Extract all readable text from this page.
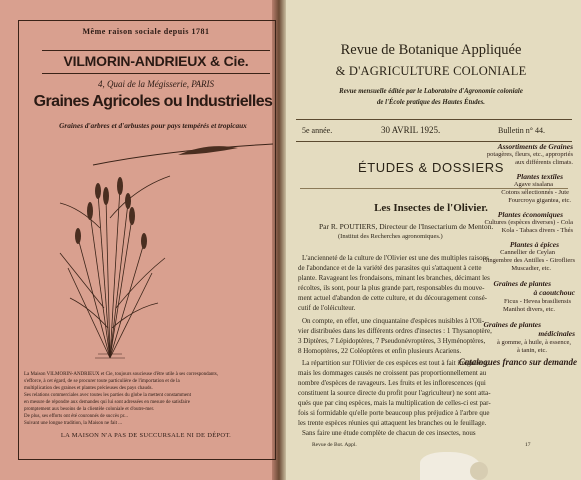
Même raison sociale depuis 1781
VILMORIN-ANDRIEUX & Cie.
4, Quai de la Mégisserie, PARIS
Graines Agricoles ou Industrielles
Graines d'arbres et d'arbustes pour pays tempérés et tropicaux
Assortiments de Graines
potagères, fleurs, etc., appropriés
aux différents climats.
Plantes textiles
Agave sisalana
Cotons sélectionnés - Jute
Fourcroya gigantea, etc.
Plantes économiques
Cultures (espèces diverses) - Cola
Kola - Tabacs divers - Thés
Plantes à épices
Cannellier de Ceylan
Gingembre des Antilles - Girofliers
Muscadier, etc.
Graines de plantes
à caoutchouc
Ficus - Hevea brasiliensis
Manihot divers, etc.
Graines de plantes
médicinales
à gomme, à huile, à essence,
à tanin, etc.
Catalogues franco sur demande
La Maison VILMORIN-ANDRIEUX et Cie, toujours soucieuse d'être utile à ses correspondants,
s'efforce, à cet égard, de se procurer toute particulière de l'importation et de la
multiplication des graines et plantes précieuses des pays chauds.
Ses relations commerciales avec toutes les parties du globe la mettent constamment
en mesure de répondre aux demandes qui lui sont adressées en mesure de satisfaire
promptement aux besoins de la clientèle coloniale et d'outre-mer.
De plus, ses efforts ont été couronnés de succès pr...
Suivant une longue tradition, la Maison ne fait ...
LA MAISON N'A PAS DE SUCCURSALE NI DE DÉPOT.
Revue de Botanique Appliquée
& D'AGRICULTURE COLONIALE
Revue mensuelle éditée par le Laboratoire d'Agronomie coloniale
de l'École pratique des Hautes Études.
5e année.	30 AVRIL 1925.	Bulletin n° 44.
ÉTUDES & DOSSIERS
Les Insectes de l'Olivier.
Par R. POUTIERS, Directeur de l'Insectarium de Menton.
(Institut des Recherches agronomiques.)
L'ancienneté de la culture de l'Olivier est une des multiples raisons
de l'abondance et de la variété des parasites qui s'attaquent à cette
plante. Ravageant les frondaisons, minant les branches, décimant les
récoltes, ils sont, pour la plus grande part, responsables du mouve-
ment actuel d'abandon de cette culture, et du découragement consé-
cutif de l'oléiculteur.
On compte, en effet, une cinquantaine d'espèces nuisibles à l'Oli-
vier distribuées dans les différents ordres d'insectes : 1 Thysanoptère,
3 Diptères, 7 Lépidoptères, 7 Pseudonévroptères, 3 Hyménoptères,
8 Homoptères, 22 Coléoptères et enfin plusieurs Acariens.
La répartition sur l'Olivier de ces espèces est tout à fait irrégulière,
mais les dommages causés ne croissent pas proportionnellement au
nombre d'espèces de ravageurs. Les fruits et les inflorescences (qui
constituent la source directe du profit pour l'agriculteur) ne sont atta-
qués que par cinq espèces, mais la multiplication de celles-ci est par-
fois si formidable qu'elle porte beaucoup plus préjudice à l'arbre que
les trente espèces réunies qui attaquent les branches ou le feuillage.
Sans faire une étude complète de chacun de ces insectes, nous
Revue de Bot. Appl.	17
